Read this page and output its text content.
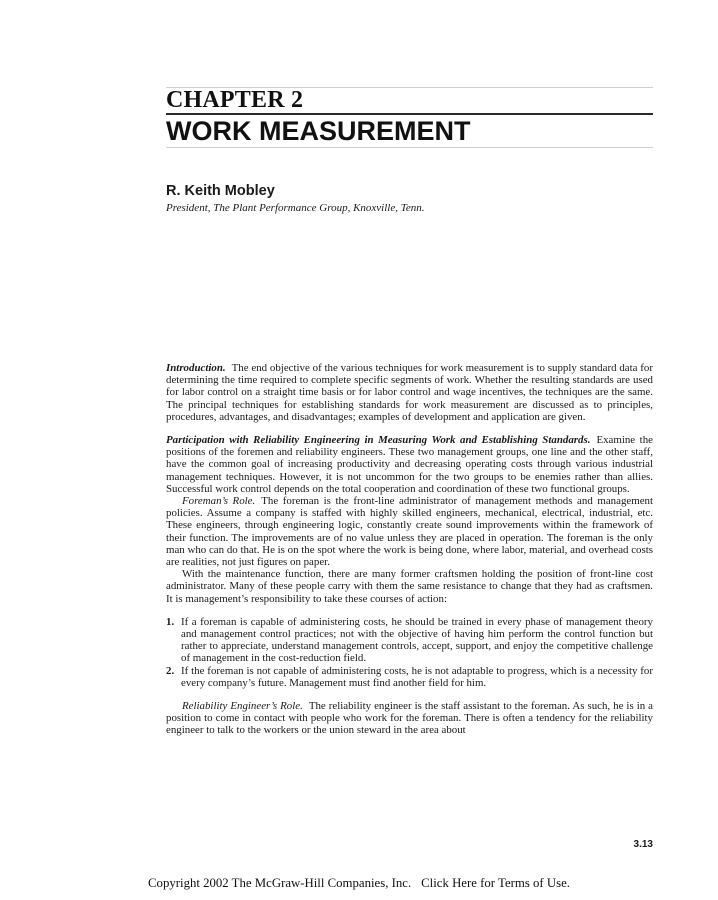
CHAPTER 2
WORK MEASUREMENT
R. Keith Mobley
President, The Plant Performance Group, Knoxville, Tenn.

Introduction. The end objective of the various techniques for work measurement is to supply standard data for determining the time required to complete specific segments of work. Whether the resulting standards are used for labor control on a straight time basis or for labor control and wage incentives, the techniques are the same. The principal techniques for establishing standards for work measurement are discussed as to principles, procedures, advantages, and disadvantages; examples of development and application are given.

Participation with Reliability Engineering in Measuring Work and Establishing Standards. Examine the positions of the foremen and reliability engineers. These two management groups, one line and the other staff, have the common goal of increasing productivity and decreasing operating costs through various industrial management techniques. However, it is not uncommon for the two groups to be enemies rather than allies. Successful work control depends on the total cooperation and coordination of these two functional groups.

Foreman’s Role. The foreman is the front-line administrator of management methods and management policies. Assume a company is staffed with highly skilled engineers, mechanical, electrical, industrial, etc. These engineers, through engineering logic, constantly create sound improvements within the framework of their function. The improvements are of no value unless they are placed in operation. The foreman is the only man who can do that. He is on the spot where the work is being done, where labor, material, and overhead costs are realities, not just figures on paper.

With the maintenance function, there are many former craftsmen holding the position of front-line cost administrator. Many of these people carry with them the same resistance to change that they had as craftsmen. It is management’s responsibility to take these courses of action:

1. If a foreman is capable of administering costs, he should be trained in every phase of management theory and management control practices; not with the objective of having him perform the control function but rather to appreciate, understand management controls, accept, support, and enjoy the competitive challenge of management in the cost-reduction field.
2. If the foreman is not capable of administering costs, he is not adaptable to progress, which is a necessity for every company’s future. Management must find another field for him.

Reliability Engineer’s Role. The reliability engineer is the staff assistant to the foreman. As such, he is in a position to come in contact with people who work for the foreman. There is often a tendency for the reliability engineer to talk to the workers or the union steward in the area about

3.13
Copyright 2002 The McGraw-Hill Companies, Inc. Click Here for Terms of Use.
